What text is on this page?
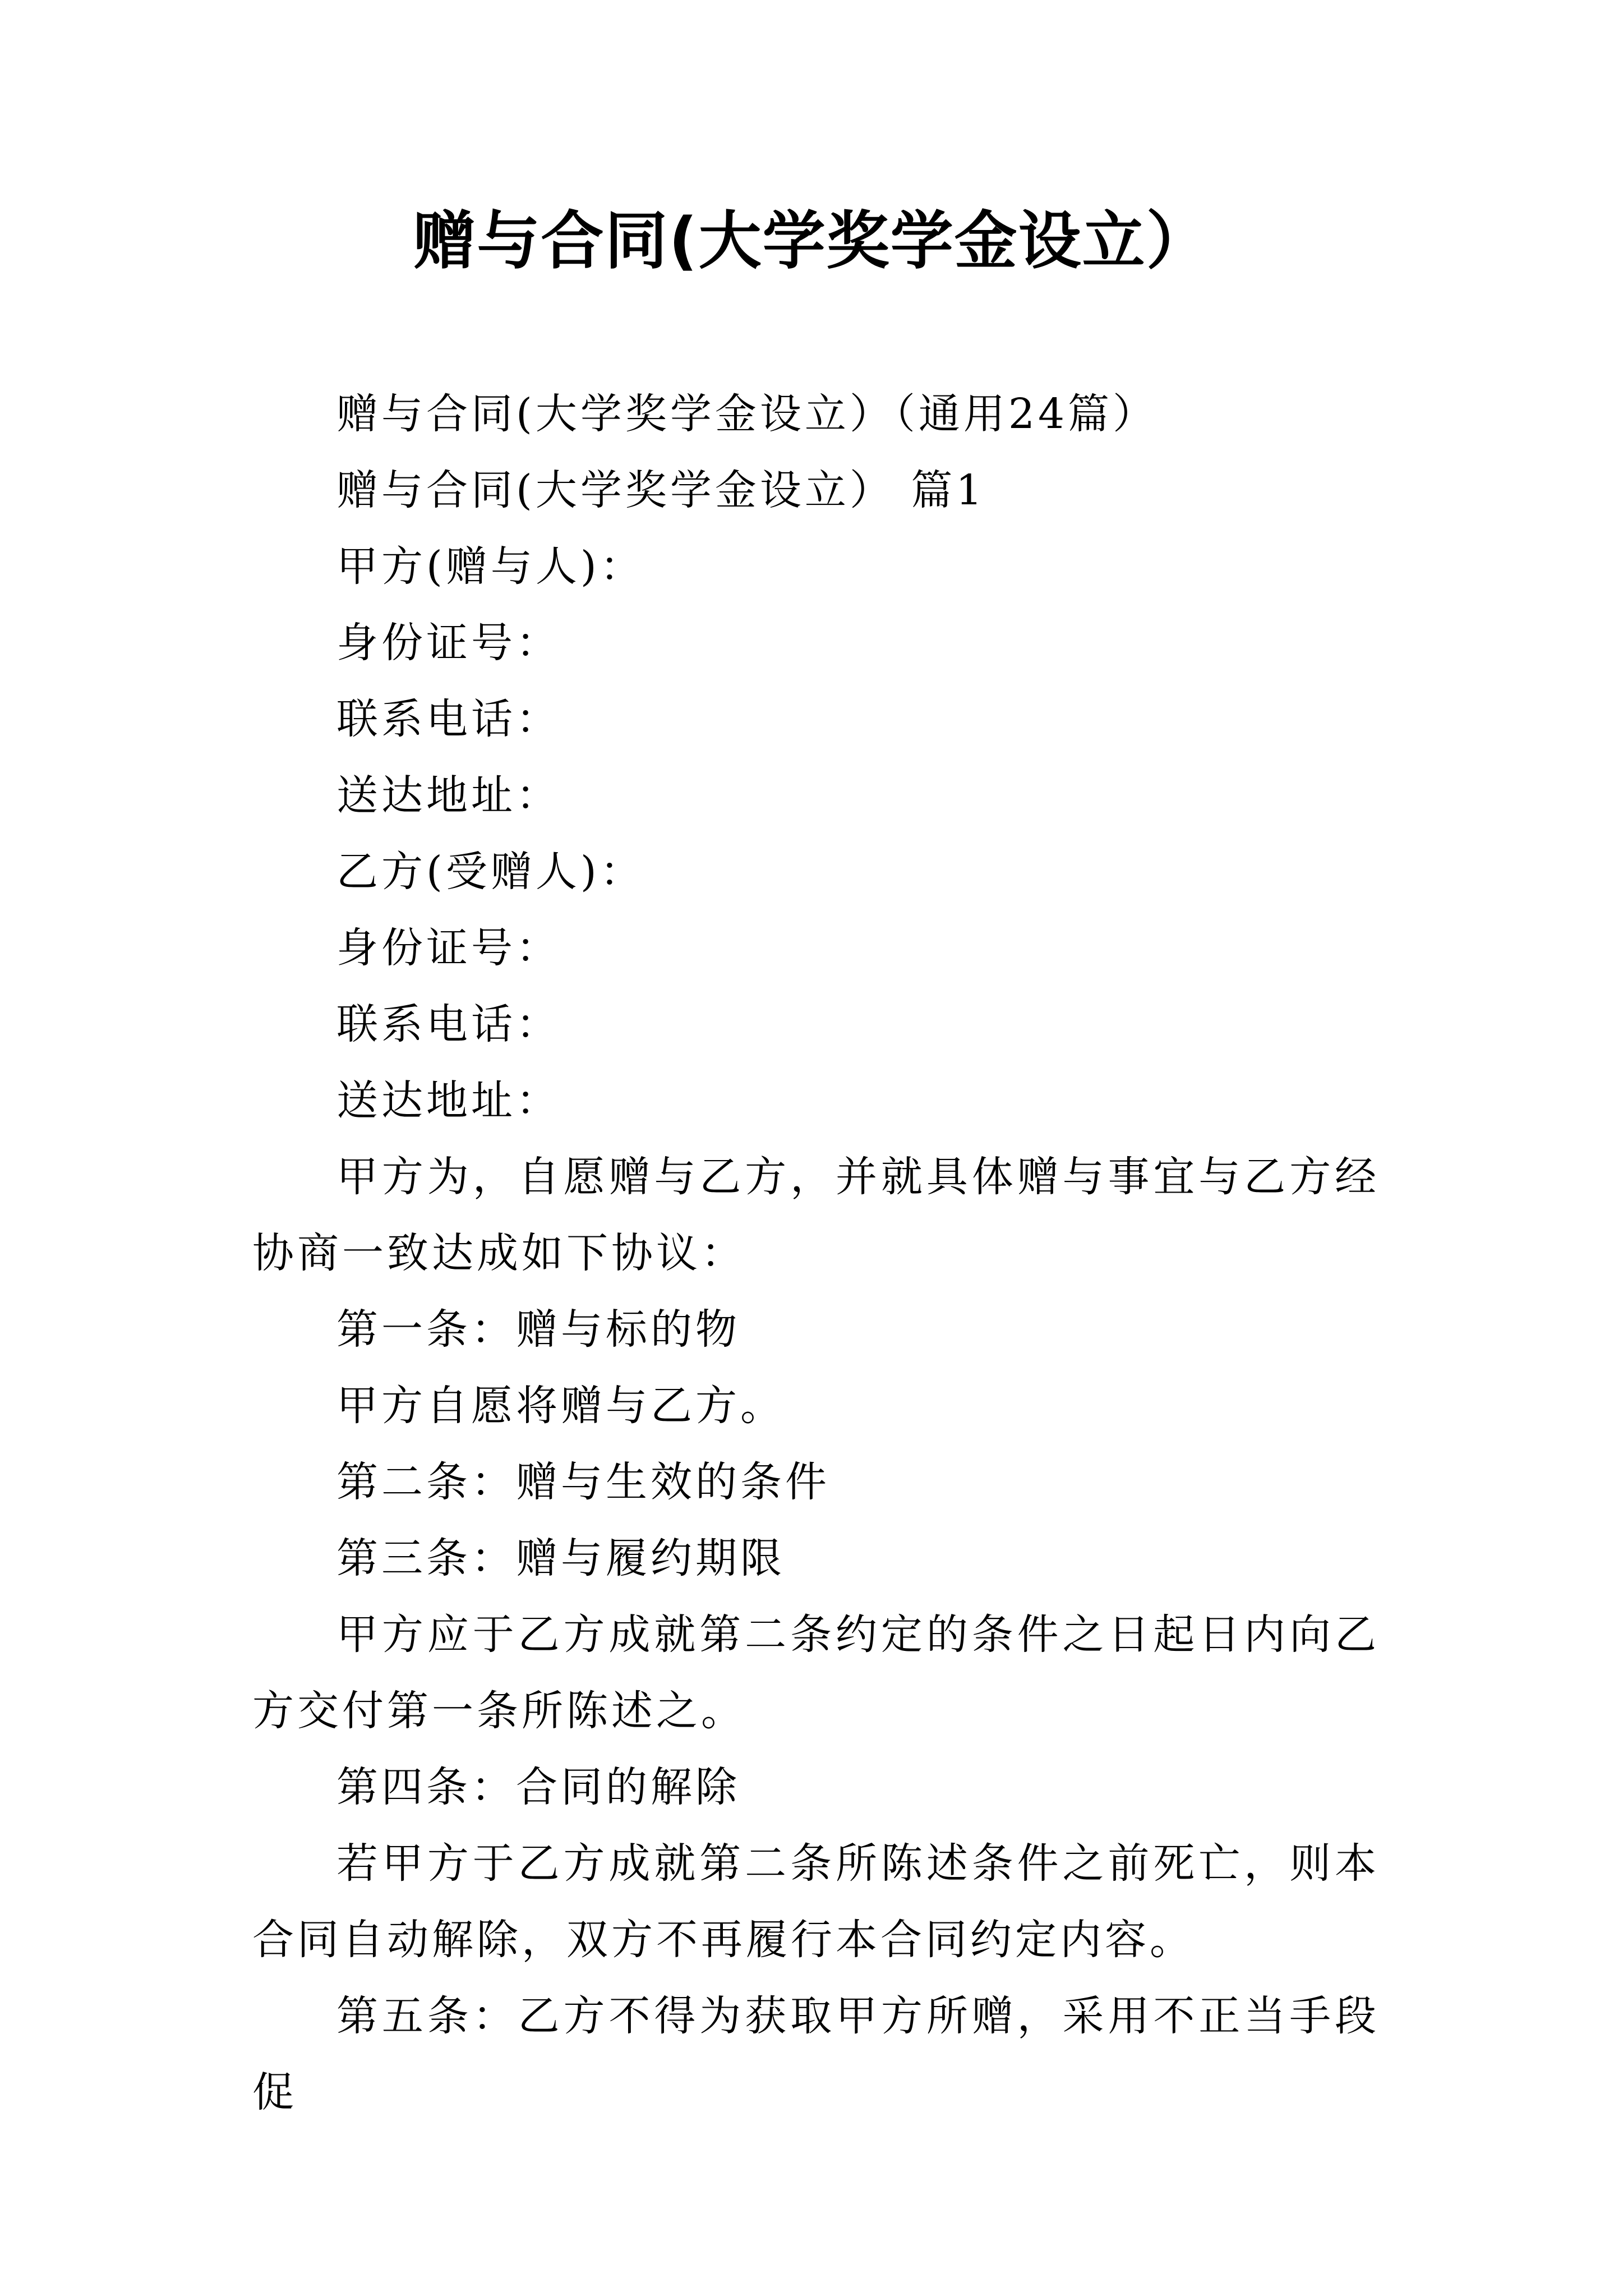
赠与合同(大学奖学金设立）

赠与合同(大学奖学金设立）（通用24篇）

赠与合同(大学奖学金设立） 篇1

甲方(赠与人)：

身份证号：

联系电话：

送达地址：

乙方(受赠人)：

身份证号：

联系电话：

送达地址：

甲方为，自愿赠与乙方，并就具体赠与事宜与乙方经协商一致达成如下协议：

第一条：赠与标的物

甲方自愿将赠与乙方。

第二条：赠与生效的条件

第三条：赠与履约期限

甲方应于乙方成就第二条约定的条件之日起日内向乙方交付第一条所陈述之。

第四条：合同的解除

若甲方于乙方成就第二条所陈述条件之前死亡，则本合同自动解除，双方不再履行本合同约定内容。

第五条：乙方不得为获取甲方所赠，采用不正当手段促
